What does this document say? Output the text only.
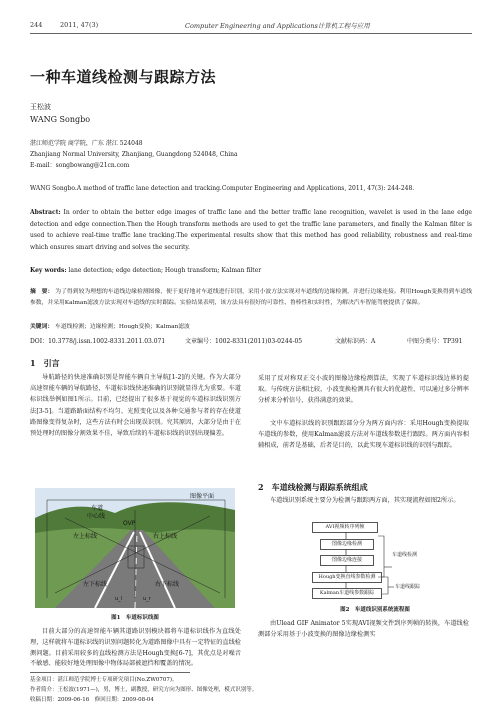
244	2011, 47(3)	Computer Engineering and Applications计算机工程与应用
一种车道线检测与跟踪方法
王松波
WANG Songbo
湛江师范学院 商学院，广东 湛江 524048
Zhanjiang Normal University, Zhanjiang, Guangdong 524048, China
E-mail：songbowang@21cn.com
WANG Songbo.A method of traffic lane detection and tracking.Computer Engineering and Applications, 2011, 47(3): 244-248.
Abstract: In order to obtain the better edge images of traffic lane and the better traffic lane recognition, wavelet is used in the lane edge detection and edge connection.Then the Hough transform methods are used to get the traffic lane parameters, and finally the Kalman filter is used to achieve real-time traffic lane tracking.The experimental results show that this method has good reliability, robustness and real-time which ensures smart driving and solves the security.
Key words: lane detection; edge detection; Hough transform; Kalman filter
摘　要： 为了得到较为理想的车道线边缘检测图像，便于更好地对车道线进行识别，采用小波方法实现对车道线的边缘检测，并进行边缘连接。利用Hough变换得到车道线参数，并采用Kalman滤波方法实现对车道线的实时跟踪。实验结果表明，该方法具有很好的可靠性、鲁棒性和实时性，为解决汽车智能驾驶提供了保障。
关键词： 车道线检测；边缘检测；Hough变换；Kalman滤波
DOI：10.3778/j.issn.1002-8331.2011.03.071	文章编号：1002-8331(2011)03-0244-05	文献标识码：A	中图分类号：TP391
1　引言
导航路径的快速准确识别是智能车辆自主导航[1-2]的关键。作为大部分高速智能车辆的导航路径，车道标识线快速准确的识别就显得尤为重要。车道标识线举例如图1所示。目前，已经提出了很多基于视觉的车道标识线识别方法[3-5]。当道路路面结构不均匀、光照变化以及各种交通参与者的存在使道路图像变得复杂时，这些方法有时会出现误识别。究其原因，大部分是由于在预处理时的图像分割效果不佳，导致后续的车道标识线的识别出现偏差。
车道
中心线
OVP
左上标线	右上标线
左下标线	右下标线
图像平面
u_l	u_r
图1　车道标识线图
目前大部分的高速智能车辆其道路识别模块都将车道标识线作为直线处理，这样就将车道标识线的识别问题转化为道路图像中具有一定特征的直线检测问题。目前采用较多的直线检测方法是Hough变换[6-7]，其优点是对噪音不敏感、能较好地处理图像中物体局部被遮挡和覆盖的情况。
采用了反对称双正交小波的图像边缘检测算法，实现了车道标识线边界的提取。与传统方法相比较，小波变换检测具有很大的优越性，可以通过多分辨率分析来分析信号，获得满意的效果。
文中车道标识线的识别跟踪部分分为两方面内容：采用Hough变换提取车道线的参数，使用Kalman滤波方法对车道线参数进行跟踪。两方面内容相辅相成，前者是基础，后者是目的，以此实现车道标识线的识别与跟踪。
2　车道线检测与跟踪系统组成
车道线识别系统主要分为检测与跟踪两方面，其实现流程如图2所示。
AVI视频转序列帧
图像边缘检测
图像边缘连接
Hough变换直线参数检测
Kalman车道线参数跟踪
车道线检测
车道线跟踪
图2　车道线识别系统流程图
由Ulead GIF Animator 5实现AVI视频文件到序列帧的转换，车道线检测部分采用基于小波变换的图像边缘检测实
基金项目：湛江师范学院博士专项研究项目(No.ZW0707)。
作者简介：王松波(1971—)，男，博士，副教授，研究方向为图形、图像处理，模式识别等。
收稿日期：2009-06-16　修回日期：2009-08-04
